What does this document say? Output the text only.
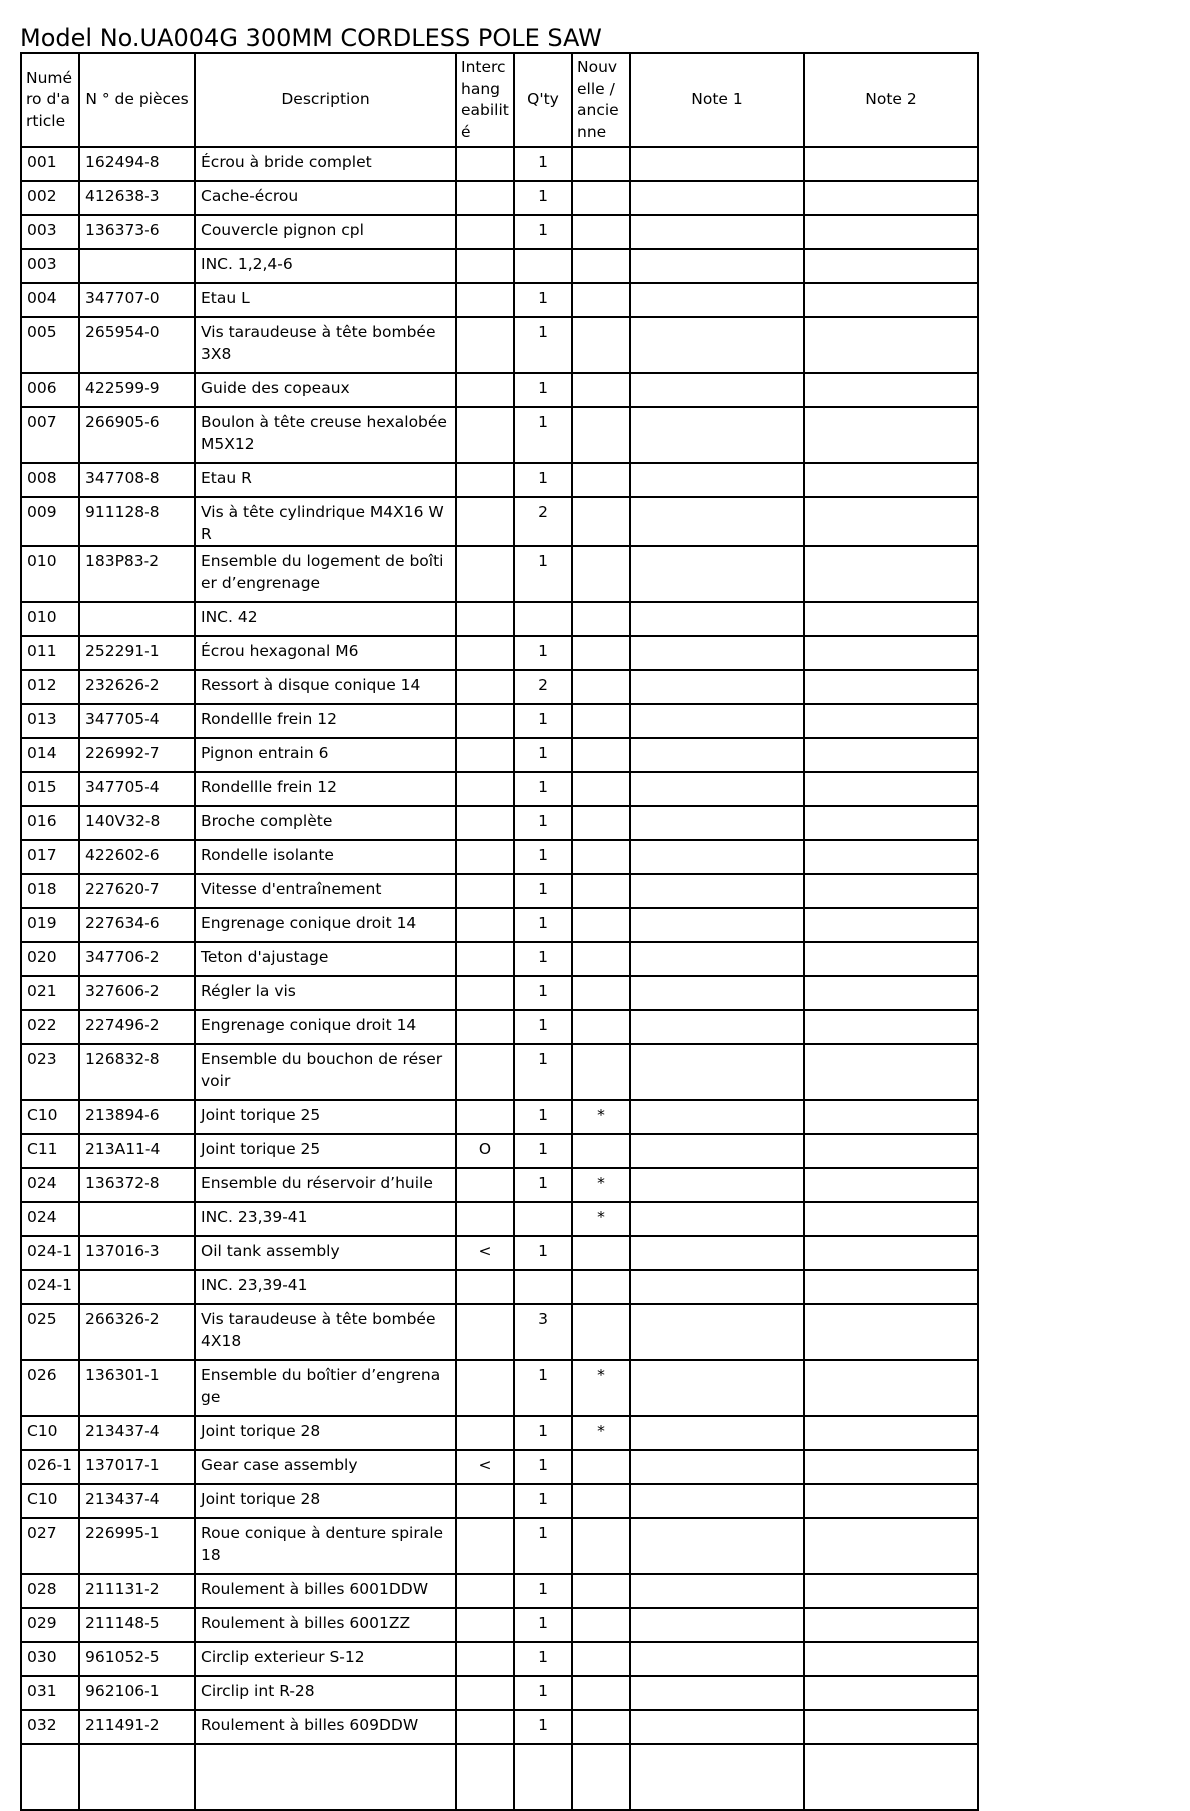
Model No.UA004G 300MM CORDLESS POLE SAW
Numéro d'article	N ° de pièces	Description	Interchangeabilité	Q'ty	Nouvelle / ancienne	Note 1	Note 2
001	162494-8	Écrou à bride complet		1			
002	412638-3	Cache-écrou		1			
003	136373-6	Couvercle pignon cpl		1			
003		INC. 1,2,4-6					
004	347707-0	Etau L		1			
005	265954-0	Vis taraudeuse à tête bombée 3X8		1			
006	422599-9	Guide des copeaux		1			
007	266905-6	Boulon à tête creuse hexalobée M5X12		1			
008	347708-8	Etau R		1			
009	911128-8	Vis à tête cylindrique M4X16 WR		2			
010	183P83-2	Ensemble du logement de boîtier d’engrenage		1			
010		INC. 42					
011	252291-1	Écrou hexagonal M6		1			
012	232626-2	Ressort à disque conique 14		2			
013	347705-4	Rondellle frein 12		1			
014	226992-7	Pignon entrain 6		1			
015	347705-4	Rondellle frein 12		1			
016	140V32-8	Broche complète		1			
017	422602-6	Rondelle isolante		1			
018	227620-7	Vitesse d'entraînement		1			
019	227634-6	Engrenage conique droit 14		1			
020	347706-2	Teton d'ajustage		1			
021	327606-2	Régler la vis		1			
022	227496-2	Engrenage conique droit 14		1			
023	126832-8	Ensemble du bouchon de réservoir		1			
C10	213894-6	Joint torique 25		1	*		
C11	213A11-4	Joint torique 25	O	1			
024	136372-8	Ensemble du réservoir d’huile		1	*		
024		INC. 23,39-41			*		
024-1	137016-3	Oil tank assembly	<	1			
024-1		INC. 23,39-41					
025	266326-2	Vis taraudeuse à tête bombée 4X18		3			
026	136301-1	Ensemble du boîtier d’engrenage		1	*		
C10	213437-4	Joint torique 28		1	*		
026-1	137017-1	Gear case assembly	<	1			
C10	213437-4	Joint torique 28		1			
027	226995-1	Roue conique à denture spirale 18		1			
028	211131-2	Roulement à billes 6001DDW		1			
029	211148-5	Roulement à billes 6001ZZ		1			
030	961052-5	Circlip exterieur S-12		1			
031	962106-1	Circlip int R-28		1			
032	211491-2	Roulement à billes 609DDW		1			
